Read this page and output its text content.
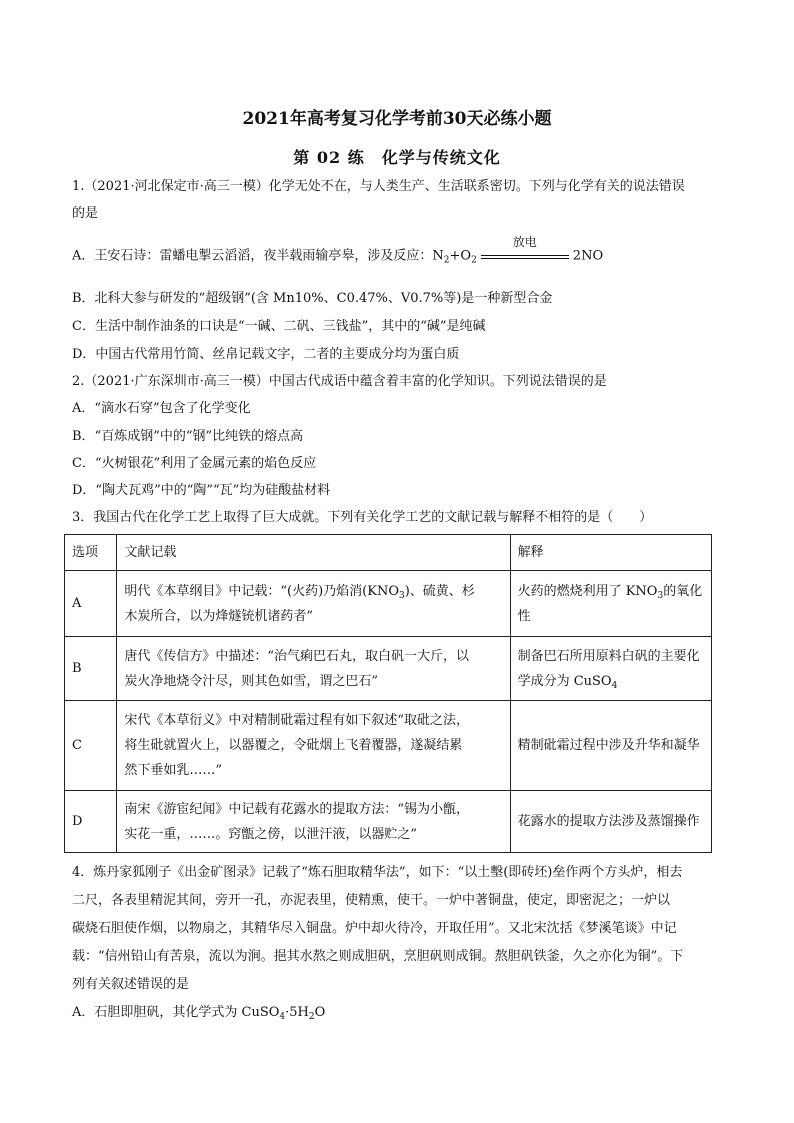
2021年高考复习化学考前30天必练小题
第 02 练　化学与传统文化
1.（2021·河北保定市·高三一模）化学无处不在，与人类生产、生活联系密切。下列与化学有关的说法错误
的是
A．王安石诗：雷蟠电掣云滔滔，夜半载雨输亭皋，涉及反应：$N_2+O_2$
放电
2NO
B．北科大参与研发的“超级钢”(含 Mn10%、C0.47%、V0.7%等)是一种新型合金
C．生活中制作油条的口诀是“一碱、二矾、三钱盐”，其中的“碱”是纯碱
D．中国古代常用竹简、丝帛记载文字，二者的主要成分均为蛋白质
2.（2021·广东深圳市·高三一模）中国古代成语中蕴含着丰富的化学知识。下列说法错误的是
A．“滴水石穿”包含了化学变化
B．“百炼成钢”中的“钢”比纯铁的熔点高
C．“火树银花”利用了金属元素的焰色反应
D．“陶犬瓦鸡”中的“陶”“瓦”均为硅酸盐材料
3．我国古代在化学工艺上取得了巨大成就。下列有关化学工艺的文献记载与解释不相符的是（　　）
选项	文献记载	解释
A	明代《本草纲目》中记载：“(火药)乃焰消$(KNO_3)$、硫黄、杉
木炭所合，以为烽燧铳机诸药者”	火药的燃烧利用了 $KNO_3$的氧化
性
B	唐代《传信方》中描述：“治气痢巴石丸，取白矾一大斤，以
炭火净地烧令汁尽，则其色如雪，谓之巴石”	制备巴石所用原料白矾的主要化
学成分为 CuSO$_4$
C	宋代《本草衍义》中对精制砒霜过程有如下叙述“取砒之法，
将生砒就置火上，以器覆之，令砒烟上飞着覆器，遂凝结累
然下垂如乳……”	精制砒霜过程中涉及升华和凝华
D	南宋《游宦纪闻》中记载有花露水的提取方法：“锡为小甑，
实花一重，……。窍甑之傍，以泄汗液，以器贮之”	花露水的提取方法涉及蒸馏操作
4．炼丹家狐刚子《出金矿图录》记载了“炼石胆取精华法”，如下：“以土墼(即砖坯)垒作两个方头炉，相去
二尺，各表里精泥其间，旁开一孔，亦泥表里，使精熏，使干。一炉中著铜盘，使定，即密泥之；一炉以
碳烧石胆使作烟，以物扇之，其精华尽入铜盘。炉中却火待冷，开取任用”。又北宋沈括《梦溪笔谈》中记
载：“信州铅山有苦泉，流以为涧。挹其水熬之则成胆矾，烹胆矾则成铜。熬胆矾铁釜，久之亦化为铜”。下
列有关叙述错误的是
A．石胆即胆矾，其化学式为 $CuSO_4\cdot 5H_2O$
